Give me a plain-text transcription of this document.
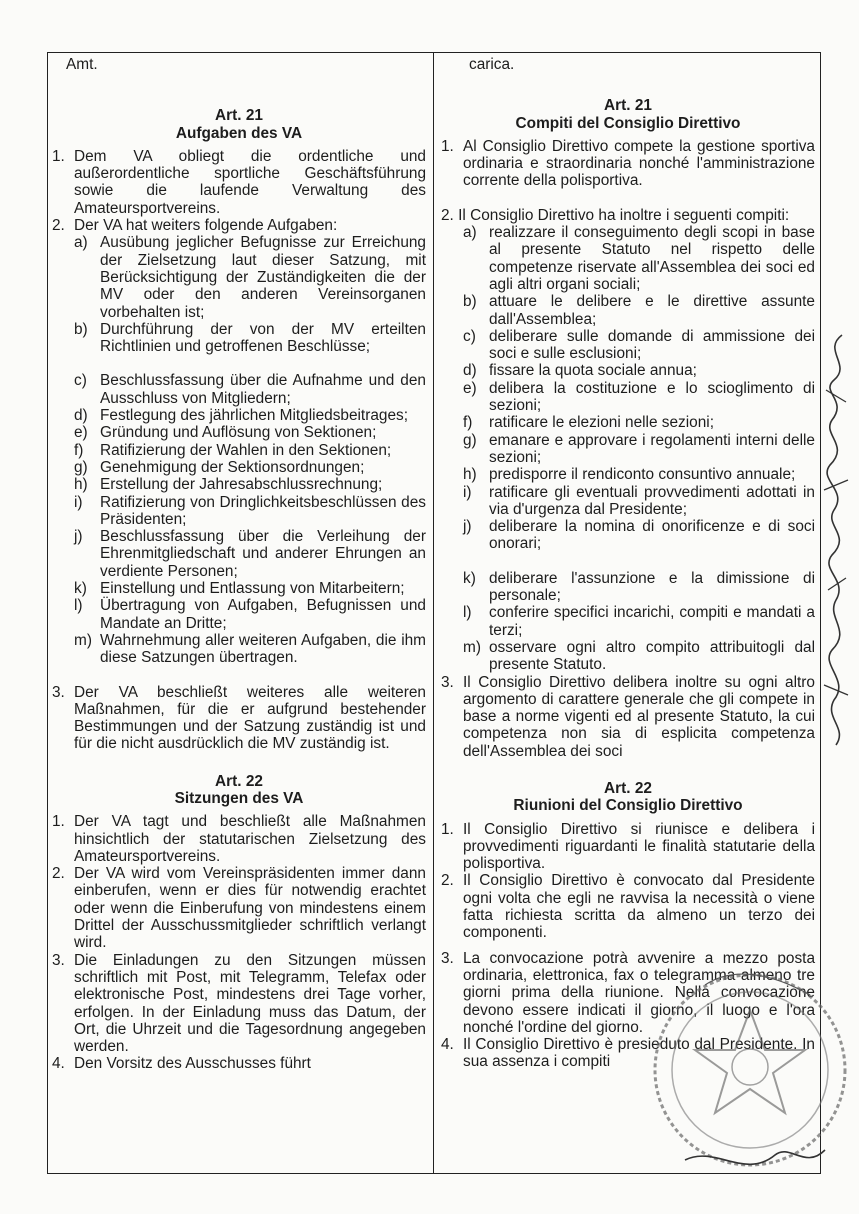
Amt.
Art. 21
Aufgaben des VA
1. Dem VA obliegt die ordentliche und außerordentliche sportliche Geschäftsführung sowie die laufende Verwaltung des Amateursportvereins.
2. Der VA hat weiters folgende Aufgaben:
a) Ausübung jeglicher Befugnisse zur Erreichung der Zielsetzung laut dieser Satzung, mit Berücksichtigung der Zuständigkeiten die der MV oder den anderen Vereinsorganen vorbehalten ist;
b) Durchführung der von der MV erteilten Richtlinien und getroffenen Beschlüsse;
c) Beschlussfassung über die Aufnahme und den Ausschluss von Mitgliedern;
d) Festlegung des jährlichen Mitgliedsbeitrages;
e) Gründung und Auflösung von Sektionen;
f)	Ratifizierung der Wahlen in den Sektionen;
g) Genehmigung der Sektionsordnungen;
h) Erstellung der Jahresabschlussrechnung;
i)	Ratifizierung von Dringlichkeitsbeschlüssen des Präsidenten;
j)	Beschlussfassung über die Verleihung der Ehrenmitgliedschaft und anderer Ehrungen an verdiente Personen;
k) Einstellung und Entlassung von Mitarbeitern;
l)	Übertragung von Aufgaben, Befugnissen und Mandate an Dritte;
m) Wahrnehmung aller weiteren Aufgaben, die ihm diese Satzungen übertragen.
3. Der VA beschließt weiteres alle weiteren Maßnahmen, für die er aufgrund bestehender Bestimmungen und der Satzung zuständig ist und für die nicht ausdrücklich die MV zuständig ist.
Art. 22
Sitzungen des VA
1. Der VA tagt und beschließt alle Maßnahmen hinsichtlich der statutarischen Zielsetzung des Amateursportvereins.
2. Der VA wird vom Vereinspräsidenten immer dann einberufen, wenn er dies für notwendig erachtet oder wenn die Einberufung von mindestens einem Drittel der Ausschussmitglieder schriftlich verlangt wird.
3. Die Einladungen zu den Sitzungen müssen schriftlich mit Post, mit Telegramm, Telefax oder elektronische Post, mindestens drei Tage vorher, erfolgen. In der Einladung muss das Datum, der Ort, die Uhrzeit und die Tagesordnung angegeben werden.
4. Den Vorsitz des Ausschusses führt
carica.
Art. 21
Compiti del Consiglio Direttivo
1. Al Consiglio Direttivo compete la gestione sportiva ordinaria e straordinaria nonché l'amministrazione corrente della polisportiva.
2. Il Consiglio Direttivo ha inoltre i seguenti compiti:
a) realizzare il conseguimento degli scopi in base al presente Statuto nel rispetto delle competenze riservate all'Assemblea dei soci ed agli altri organi sociali;
b) attuare le delibere e le direttive assunte dall'Assemblea;
c) deliberare sulle domande di ammissione dei soci e sulle esclusioni;
d) fissare la quota sociale annua;
e) delibera la costituzione e lo scioglimento di sezioni;
f)	ratificare le elezioni nelle sezioni;
g) emanare e approvare i regolamenti interni delle sezioni;
h) predisporre il rendiconto consuntivo annuale;
i)	ratificare gli eventuali provvedimenti adottati in via d'urgenza dal Presidente;
j)	deliberare la nomina di onorificenze e di soci onorari;
k) deliberare l'assunzione e la dimissione di personale;
l)	conferire specifici incarichi, compiti e mandati a terzi;
m) osservare ogni altro compito attribuitogli dal presente Statuto.
3. Il Consiglio Direttivo delibera inoltre su ogni altro argomento di carattere generale che gli compete in base a norme vigenti ed al presente Statuto, la cui competenza non sia di esplicita competenza dell'Assemblea dei soci
Art. 22
Riunioni del Consiglio Direttivo
1. Il Consiglio Direttivo si riunisce e delibera i provvedimenti riguardanti le finalità statutarie della polisportiva.
2. Il Consiglio Direttivo è convocato dal Presidente ogni volta che egli ne ravvisa la necessità o viene fatta richiesta scritta da almeno un terzo dei componenti.
3. La convocazione potrà avvenire a mezzo posta ordinaria, elettronica, fax o telegramma almeno tre giorni prima della riunione. Nella convocazione devono essere indicati il giorno, il luogo e l'ora nonché l'ordine del giorno.
4. Il Consiglio Direttivo è presieduto dal Presidente. In sua assenza i compiti
